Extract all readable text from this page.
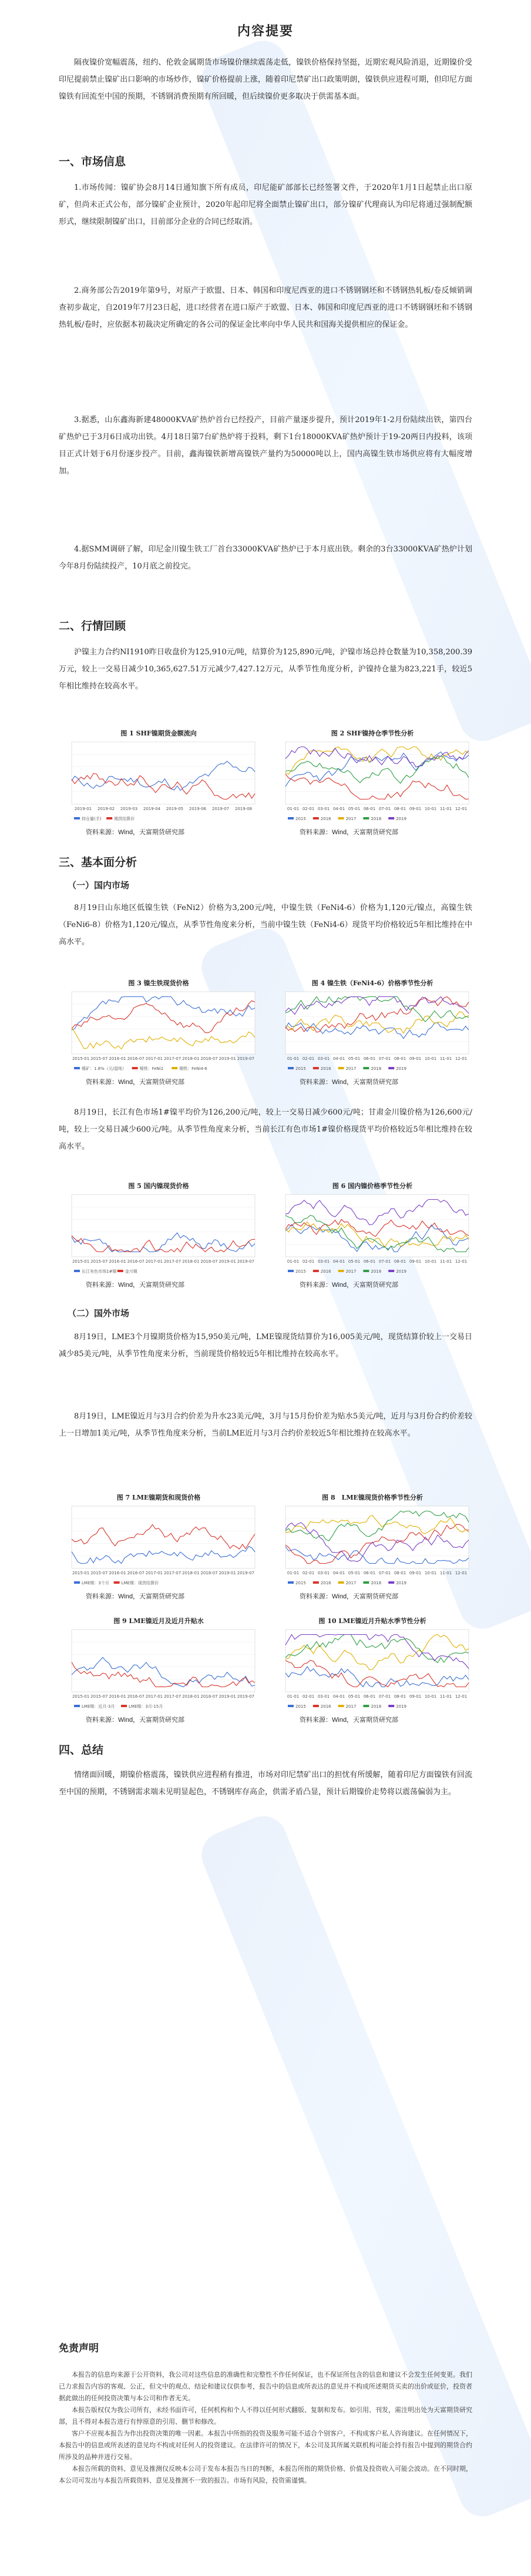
内容提要

隔夜镍价宽幅震荡，纽约、伦敦金属期货市场镍价继续震荡走低，镍铁价格保持坚挺，近期宏观风险消退，近期镍价受印尼提前禁止镍矿出口影响的市场炒作，镍矿价格提前上涨，随着印尼禁矿出口政策明朗，镍铁供应进程可期，但印尼方面镍铁有回流至中国的预期，不锈钢消费预期有所回暖，但后续镍价更多取决于供需基本面。

一、市场信息

1.市场传闻：镍矿协会8月14日通知旗下所有成员，印尼能矿部部长已经签署文件，于2020年1月1日起禁止出口原矿，但尚未正式公布，部分镍矿企业预计，2020年起印尼将全面禁止镍矿出口，部分镍矿代理商认为印尼将通过强制配额形式，继续限制镍矿出口，目前部分企业的合同已经取消。

2.商务部公告2019年第9号，对原产于欧盟、日本、韩国和印度尼西亚的进口不锈钢钢坯和不锈钢热轧板/卷反倾销调查初步裁定，自2019年7月23日起，进口经营者在进口原产于欧盟、日本、韩国和印度尼西亚的进口不锈钢钢坯和不锈钢热轧板/卷时，应依据本初裁决定所确定的各公司的保证金比率向中华人民共和国海关提供相应的保证金。

3.据悉，山东鑫海新建48000KVA矿热炉首台已经投产，目前产量逐步提升，预计2019年1-2月份陆续出铁，第四台矿热炉已于3月6日成功出铁。4月18日第7台矿热炉将于投料，剩下1台18000KVA矿热炉预计于19-20两日内投料，该项目正式计划于6月份逐步投产。目前，鑫海镍铁新增高镍铁产量约为50000吨以上，国内高镍生铁市场供应将有大幅度增加。

4.据SMM调研了解，印尼金川镍生铁工厂首台33000KVA矿热炉已于本月底出铁。剩余的3台33000KVA矿热炉计划今年8月份陆续投产，10月底之前投完。

二、行情回顾

沪镍主力合约NI1910昨日收盘价为125,910元/吨，结算价为125,890元/吨，沪镍市场总持仓数量为10,358,200.39万元，较上一交易日减少10,365,627.51万元减少7,427.12万元，从季节性角度分析，沪镍持仓量为823,221手，较近5年相比维持在较高水平。

图 1 SHF镍期货金额流向
2019-01 2019-02 2019-03 2019-04 2019-05 2019-06 2019-07 2019-08
持仓量(手)	期货结算价
资料来源：Wind，天富期货研究部
图 2 SHF镍持仓季节性分析
01-01 02-01 03-01 04-01 05-01 06-01 07-01 08-01 09-01 10-01 11-01 12-01
2015	2016	2017	2018	2019
资料来源：Wind，天富期货研究部

三、基本面分析

（一）国内市场

8月19日山东地区低镍生铁（FeNi2）价格为3,200元/吨，中镍生铁（FeNi4-6）价格为1,120元/镍点，高镍生铁（FeNi6-8）价格为1,120元/镍点，从季节性角度来分析，当前中镍生铁（FeNi4-6）现货平均价格较近5年相比维持在中高水平。

图 3 镍生铁现货价格
2015-01 2015-07 2016-01 2016-07 2017-01 2017-07 2018-01 2018-07 2019-01 2019-07
镍矿：1.8%（元/湿吨）	镍铁：FeNi2	镍铁：FeNi4-6
资料来源：Wind，天富期货研究部
图 4 镍生铁（FeNi4-6）价格季节性分析
01-01 02-01 03-01 04-01 05-01 06-01 07-01 08-01 09-01 10-01 11-01 12-01
2015	2016	2017	2018	2019
资料来源：Wind，天富期货研究部

8月19日，长江有色市场1#镍平均价为126,200元/吨，较上一交易日减少600元/吨；甘肃金川镍价格为126,600元/吨，较上一交易日减少600元/吨。从季节性角度来分析，当前长江有色市场1#镍价格现货平均价格较近5年相比维持在较高水平。

图 5 国内镍现货价格
2015-01 2015-07 2016-01 2016-07 2017-01 2017-07 2018-01 2018-07 2019-01 2019-07
长江有色市场1#镍 金川镍
资料来源：Wind，天富期货研究部
图 6 国内镍价格季节性分析
01-01 02-01 03-01 04-01 05-01 06-01 07-01 08-01 09-01 10-01 11-01 12-01
2015	2016	2017	2018	2019
资料来源：Wind，天富期货研究部

（二）国外市场

8月19日，LME3个月镍期货价格为15,950美元/吨，LME镍现货结算价为16,005美元/吨，现货结算价较上一交易日减少85美元/吨，从季节性角度来分析，当前现货价格较近5年相比维持在较高水平。

8月19日，LME镍近月与3月合约价差为升水23美元/吨，3月与15月份价差为贴水5美元/吨，近月与3月份合约价差较上一日增加1美元/吨，从季节性角度来分析，当前LME近月与3月合约价差较近5年相比维持在较高水平。

图 7 LME镍期货和现货价格
2015-01 2015-07 2016-01 2016-07 2017-01 2017-07 2018-01 2018-07 2019-01 2019-07
LME镍：3个月	LME镍：现货结算价
资料来源：Wind，天富期货研究部
图 8　LME镍现货价格季节性分析
01-01 02-01 03-01 04-01 05-01 06-01 07-01 08-01 09-01 10-01 11-01 12-01
2015	2016	2017	2018	2019
资料来源：Wind，天富期货研究部
图 9 LME镍近月及近月升贴水
2015-01 2015-07 2016-01 2016-07 2017-01 2017-07 2018-01 2018-07 2019-01 2019-07
LME镍：近月-3月	LME镍：3月-15月
资料来源：Wind，天富期货研究部
图 10 LME镍近月升贴水季节性分析
01-01 02-01 03-01 04-01 05-01 06-01 07-01 08-01 09-01 10-01 11-01 12-01
2015	2016	2017	2018	2019
资料来源：Wind，天富期货研究部

四、总结

情绪面回暖，期镍价格震荡，镍铁供应进程稍有推进，市场对印尼禁矿出口的担忧有所缓解，随着印尼方面镍铁有回流至中国的预期，不锈钢需求端未见明显起色，不锈钢库存高企，供需矛盾凸显，预计后期镍价走势将以震荡偏弱为主。

免责声明

本报告的信息均来源于公开资料，我公司对这些信息的准确性和完整性不作任何保证，也不保证所包含的信息和建议不会发生任何变更。我们已力求报告内容的客观、公正，但文中的观点、结论和建议仅供参考，报告中的信息或所表达的意见并不构成所述期货买卖的出价或征价，投资者据此做出的任何投资决策与本公司和作者无关。

本报告版权仅为我公司所有，未经书面许可，任何机构和个人不得以任何形式翻版、复制和发布。如引用、刊发，需注明出处为天富期货研究部，且不得对本报告进行有悖原意的引用、删节和修改。

客户不应视本报告为作出投资决策的唯一因素。本报告中所指的投资及服务可能不适合个别客户，不构成客户私人咨询建议。在任何情况下，本报告中的信息或所表述的意见均不构成对任何人的投资建议。在法律许可的情况下，本公司及其所属关联机构可能会持有报告中提到的期货合约所涉及的品种并进行交易。

本报告所载的资料、意见及推测仅反映本公司于发布本报告当日的判断，本报告所指的期货价格、价值及投资收入可能会波动。在不同时期，本公司可发出与本报告所载资料、意见及推测不一致的报告。市场有风险，投资需谨慎。
